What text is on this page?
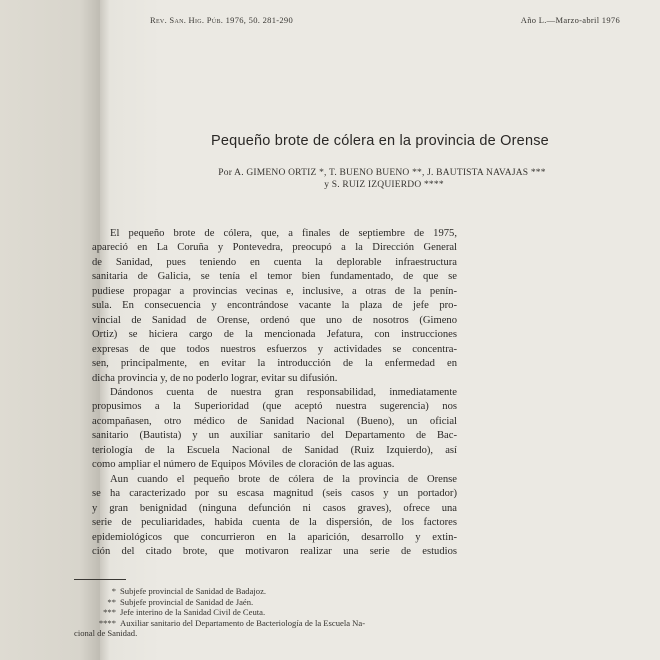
Rev. San. Hig. Púb. 1976, 50. 281-290	Año L.—Marzo-abril 1976
Pequeño brote de cólera en la provincia de Orense
Por A. GIMENO ORTIZ *, T. BUENO BUENO **, J. BAUTISTA NAVAJAS ***
y S. RUIZ IZQUIERDO ****
El pequeño brote de cólera, que, a finales de septiembre de 1975,
apareció en La Coruña y Pontevedra, preocupó a la Dirección General
de Sanidad, pues teniendo en cuenta la deplorable infraestructura
sanitaria de Galicia, se tenía el temor bien fundamentado, de que se
pudiese propagar a provincias vecinas e, inclusive, a otras de la penín-
sula. En consecuencia y encontrándose vacante la plaza de jefe pro-
vincial de Sanidad de Orense, ordenó que uno de nosotros (Gimeno
Ortiz) se hiciera cargo de la mencionada Jefatura, con instrucciones
expresas de que todos nuestros esfuerzos y actividades se concentra-
sen, principalmente, en evitar la introducción de la enfermedad en
dicha provincia y, de no poderlo lograr, evitar su difusión.
Dándonos cuenta de nuestra gran responsabilidad, inmediatamente
propusimos a la Superioridad (que aceptó nuestra sugerencia) nos
acompañasen, otro médico de Sanidad Nacional (Bueno), un oficial
sanitario (Bautista) y un auxiliar sanitario del Departamento de Bac-
teriología de la Escuela Nacional de Sanidad (Ruiz Izquierdo), así
como ampliar el número de Equipos Móviles de cloración de las aguas.
Aun cuando el pequeño brote de cólera de la provincia de Orense
se ha caracterizado por su escasa magnitud (seis casos y un portador)
y gran benignidad (ninguna defunción ni casos graves), ofrece una
serie de peculiaridades, habida cuenta de la dispersión, de los factores
epidemiológicos que concurrieron en la aparición, desarrollo y extin-
ción del citado brote, que motivaron realizar una serie de estudios
* Subjefe provincial de Sanidad de Badajoz.
** Subjefe provincial de Sanidad de Jaén.
*** Jefe interino de la Sanidad Civil de Ceuta.
**** Auxiliar sanitario del Departamento de Bacteriología de la Escuela Na-
cional de Sanidad.
